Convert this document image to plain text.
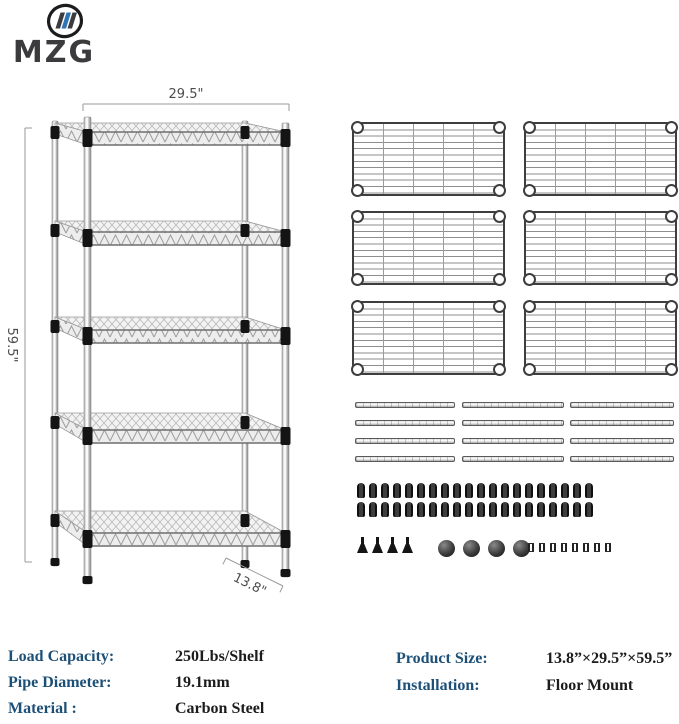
MZG
29.5"
59.5"
13.8"
Load Capacity:	250Lbs/Shelf
Pipe Diameter:	19.1mm
Material :	Carbon Steel
Product Size:	13.8”×29.5”×59.5”
Installation:	Floor Mount
